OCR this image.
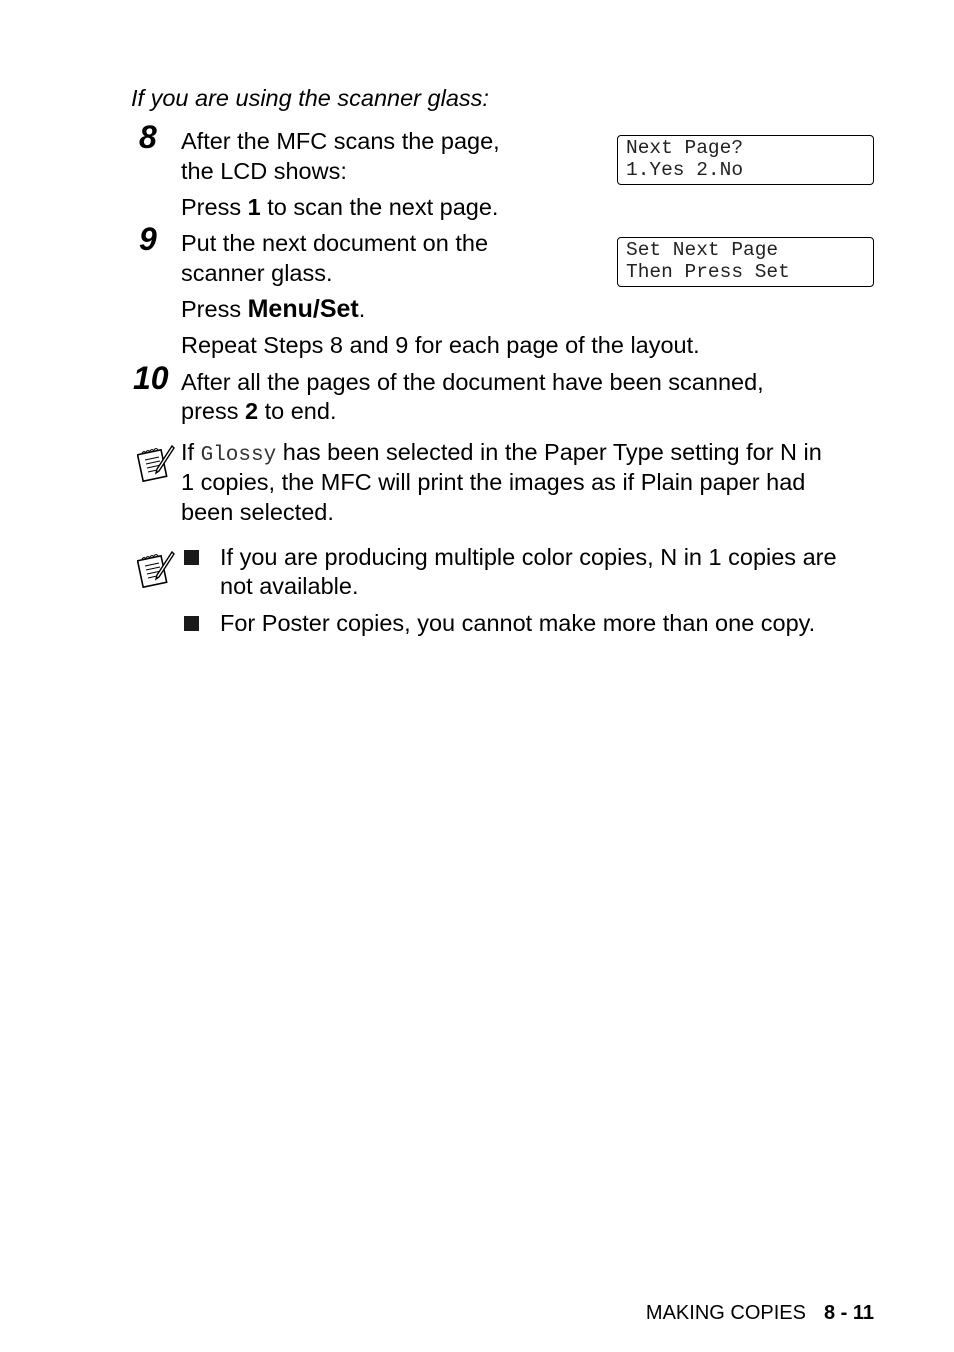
If you are using the scanner glass:
8 After the MFC scans the page,
the LCD shows:
Press 1 to scan the next page.
Next Page?
1.Yes 2.No
9 Put the next document on the
scanner glass.
Press Menu/Set.
Repeat Steps 8 and 9 for each page of the layout.
Set Next Page
Then Press Set
10 After all the pages of the document have been scanned,
press 2 to end.
If Glossy has been selected in the Paper Type setting for N in
1 copies, the MFC will print the images as if Plain paper had
been selected.
If you are producing multiple color copies, N in 1 copies are
not available.
For Poster copies, you cannot make more than one copy.
MAKING COPIES 8 - 11
